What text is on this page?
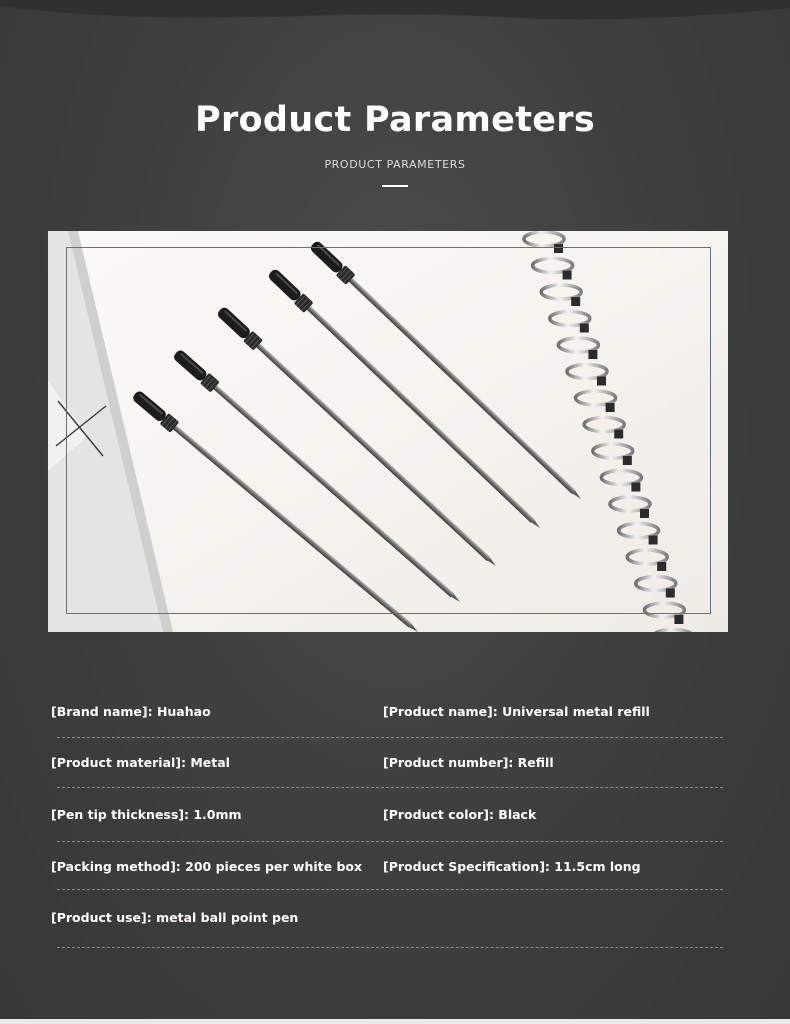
Product Parameters
PRODUCT PARAMETERS
[Brand name]: Huahao	[Product name]: Universal metal refill
[Product material]: Metal	[Product number]: Refill
[Pen tip thickness]: 1.0mm	[Product color]: Black
[Packing method]: 200 pieces per white box [Product Specification]: 11.5cm long
[Product use]: metal ball point pen
